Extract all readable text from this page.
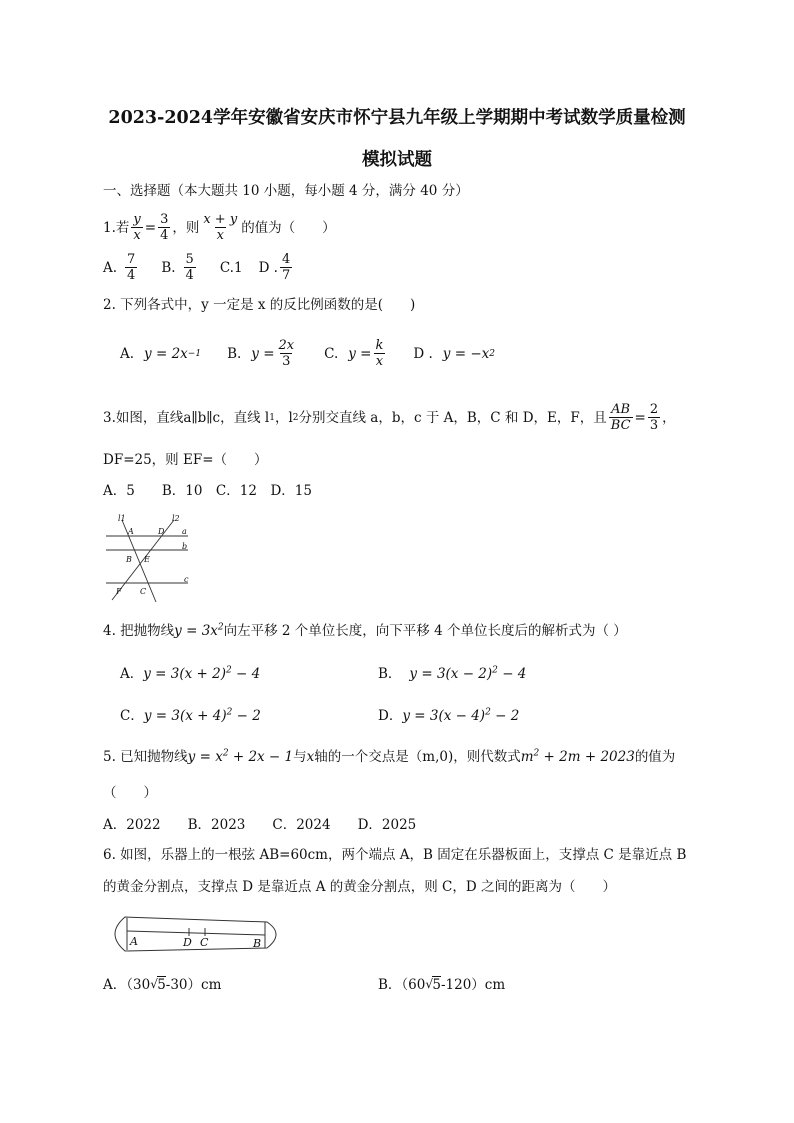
2023-2024学年安徽省安庆市怀宁县九年级上学期期中考试数学质量检测
模拟试题
一、选择题（本大题共 10 小题，每小题 4 分，满分 40 分）
1.若 $\frac{y}{x} = \frac{3}{4}$ ，则 x + y
x 的值为（　　）
A. 7
4 B. 5
4 C.1 D . 4
7
2. 下列各式中，y 一定是 x 的反比例函数的是(　　)
A. y = 2x −1 B. $y = \frac{2x}{3} C$. $y = \frac{k}{x}$ D . y = −x 2
3.如图，直线a∥b∥c，直线 l 1 ，l 2 分别交直线 a，b，c 于 A，B，C 和 D，E，F，且 $\frac{AB}{BC} = \frac{2}{3}$ ，
DF=25，则 EF=（　　）
A．5　　B．10　C．12　D．15
l1	l2
a
A	D
b
B E
c
F C
4. 把抛物线$y = 3x^2$向左平移 2 个单位长度，向下平移 4 个单位长度后的解析式为（ ）
A．$y = 3(x + 2)^2 - 4$	B． $y = 3(x - 2)^2 - 4$
C．$y = 3(x + 4)^2 - 2$	D．$y = 3(x - 4)^2 - 2$
5. 已知抛物线$y = x^2 + 2x - 1$与x轴的一个交点是（m,0)，则代数式$m^2 + 2m + 2023$的值为
（　　）
A．2022　　B．2023　　C．2024　　D．2025
6. 如图，乐器上的一根弦 AB=60cm，两个端点 A，B 固定在乐器板面上，支撑点 C 是靠近点 B
的黄金分割点，支撑点 D 是靠近点 A 的黄金分割点，则 C，D 之间的距离为（　　）
A	D C	B
A．（30 √ 5-30）cm	B．（60 √ 5-120）cm
